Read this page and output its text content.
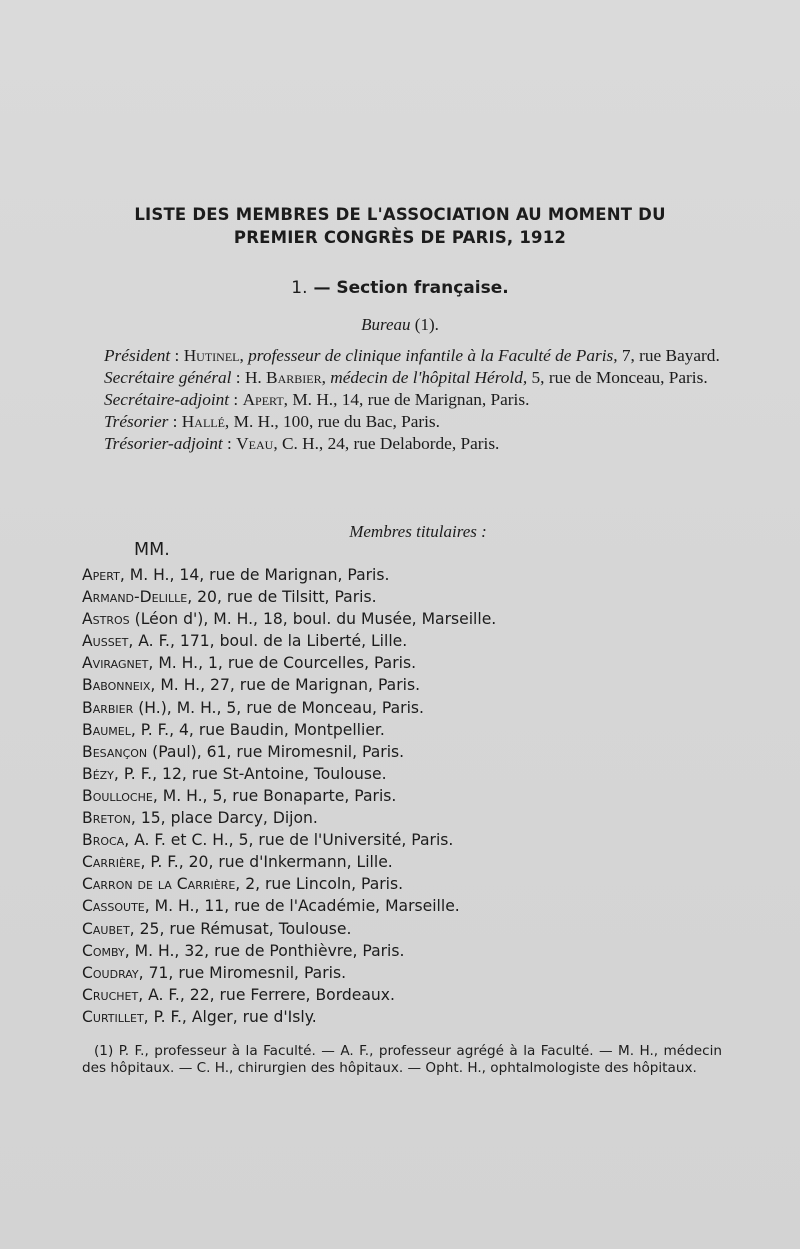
LISTE DES MEMBRES DE L'ASSOCIATION AU MOMENT DU
PREMIER CONGRÈS DE PARIS, 1912
1. — Section française.
Bureau (1).

Président : Hutinel, professeur de clinique infantile à la Faculté de Paris, 7, rue Bayard.

Secrétaire général : H. Barbier, médecin de l'hôpital Hérold, 5, rue de Monceau, Paris.

Secrétaire-adjoint : Apert, M. H., 14, rue de Marignan, Paris.

Trésorier : Hallé, M. H., 100, rue du Bac, Paris.

Trésorier-adjoint : Veau, C. H., 24, rue Delaborde, Paris.

Membres titulaires :
MM.
Apert, M. H., 14, rue de Marignan, Paris.
Armand-Delille, 20, rue de Tilsitt, Paris.
Astros (Léon d'), M. H., 18, boul. du Musée, Marseille.
Ausset, A. F., 171, boul. de la Liberté, Lille.
Aviragnet, M. H., 1, rue de Courcelles, Paris.
Babonneix, M. H., 27, rue de Marignan, Paris.
Barbier (H.), M. H., 5, rue de Monceau, Paris.
Baumel, P. F., 4, rue Baudin, Montpellier.
Besançon (Paul), 61, rue Miromesnil, Paris.
Bézy, P. F., 12, rue St-Antoine, Toulouse.
Boulloche, M. H., 5, rue Bonaparte, Paris.
Breton, 15, place Darcy, Dijon.
Broca, A. F. et C. H., 5, rue de l'Université, Paris.
Carrière, P. F., 20, rue d'Inkermann, Lille.
Carron de la Carrière, 2, rue Lincoln, Paris.
Cassoute, M. H., 11, rue de l'Académie, Marseille.
Caubet, 25, rue Rémusat, Toulouse.
Comby, M. H., 32, rue de Ponthièvre, Paris.
Coudray, 71, rue Miromesnil, Paris.
Cruchet, A. F., 22, rue Ferrere, Bordeaux.
Curtillet, P. F., Alger, rue d'Isly.
(1) P. F., professeur à la Faculté. — A. F., professeur agrégé à la Faculté. — M. H., médecin des hôpitaux. — C. H., chirurgien des hôpitaux. — Opht. H., ophtalmologiste des hôpitaux.
